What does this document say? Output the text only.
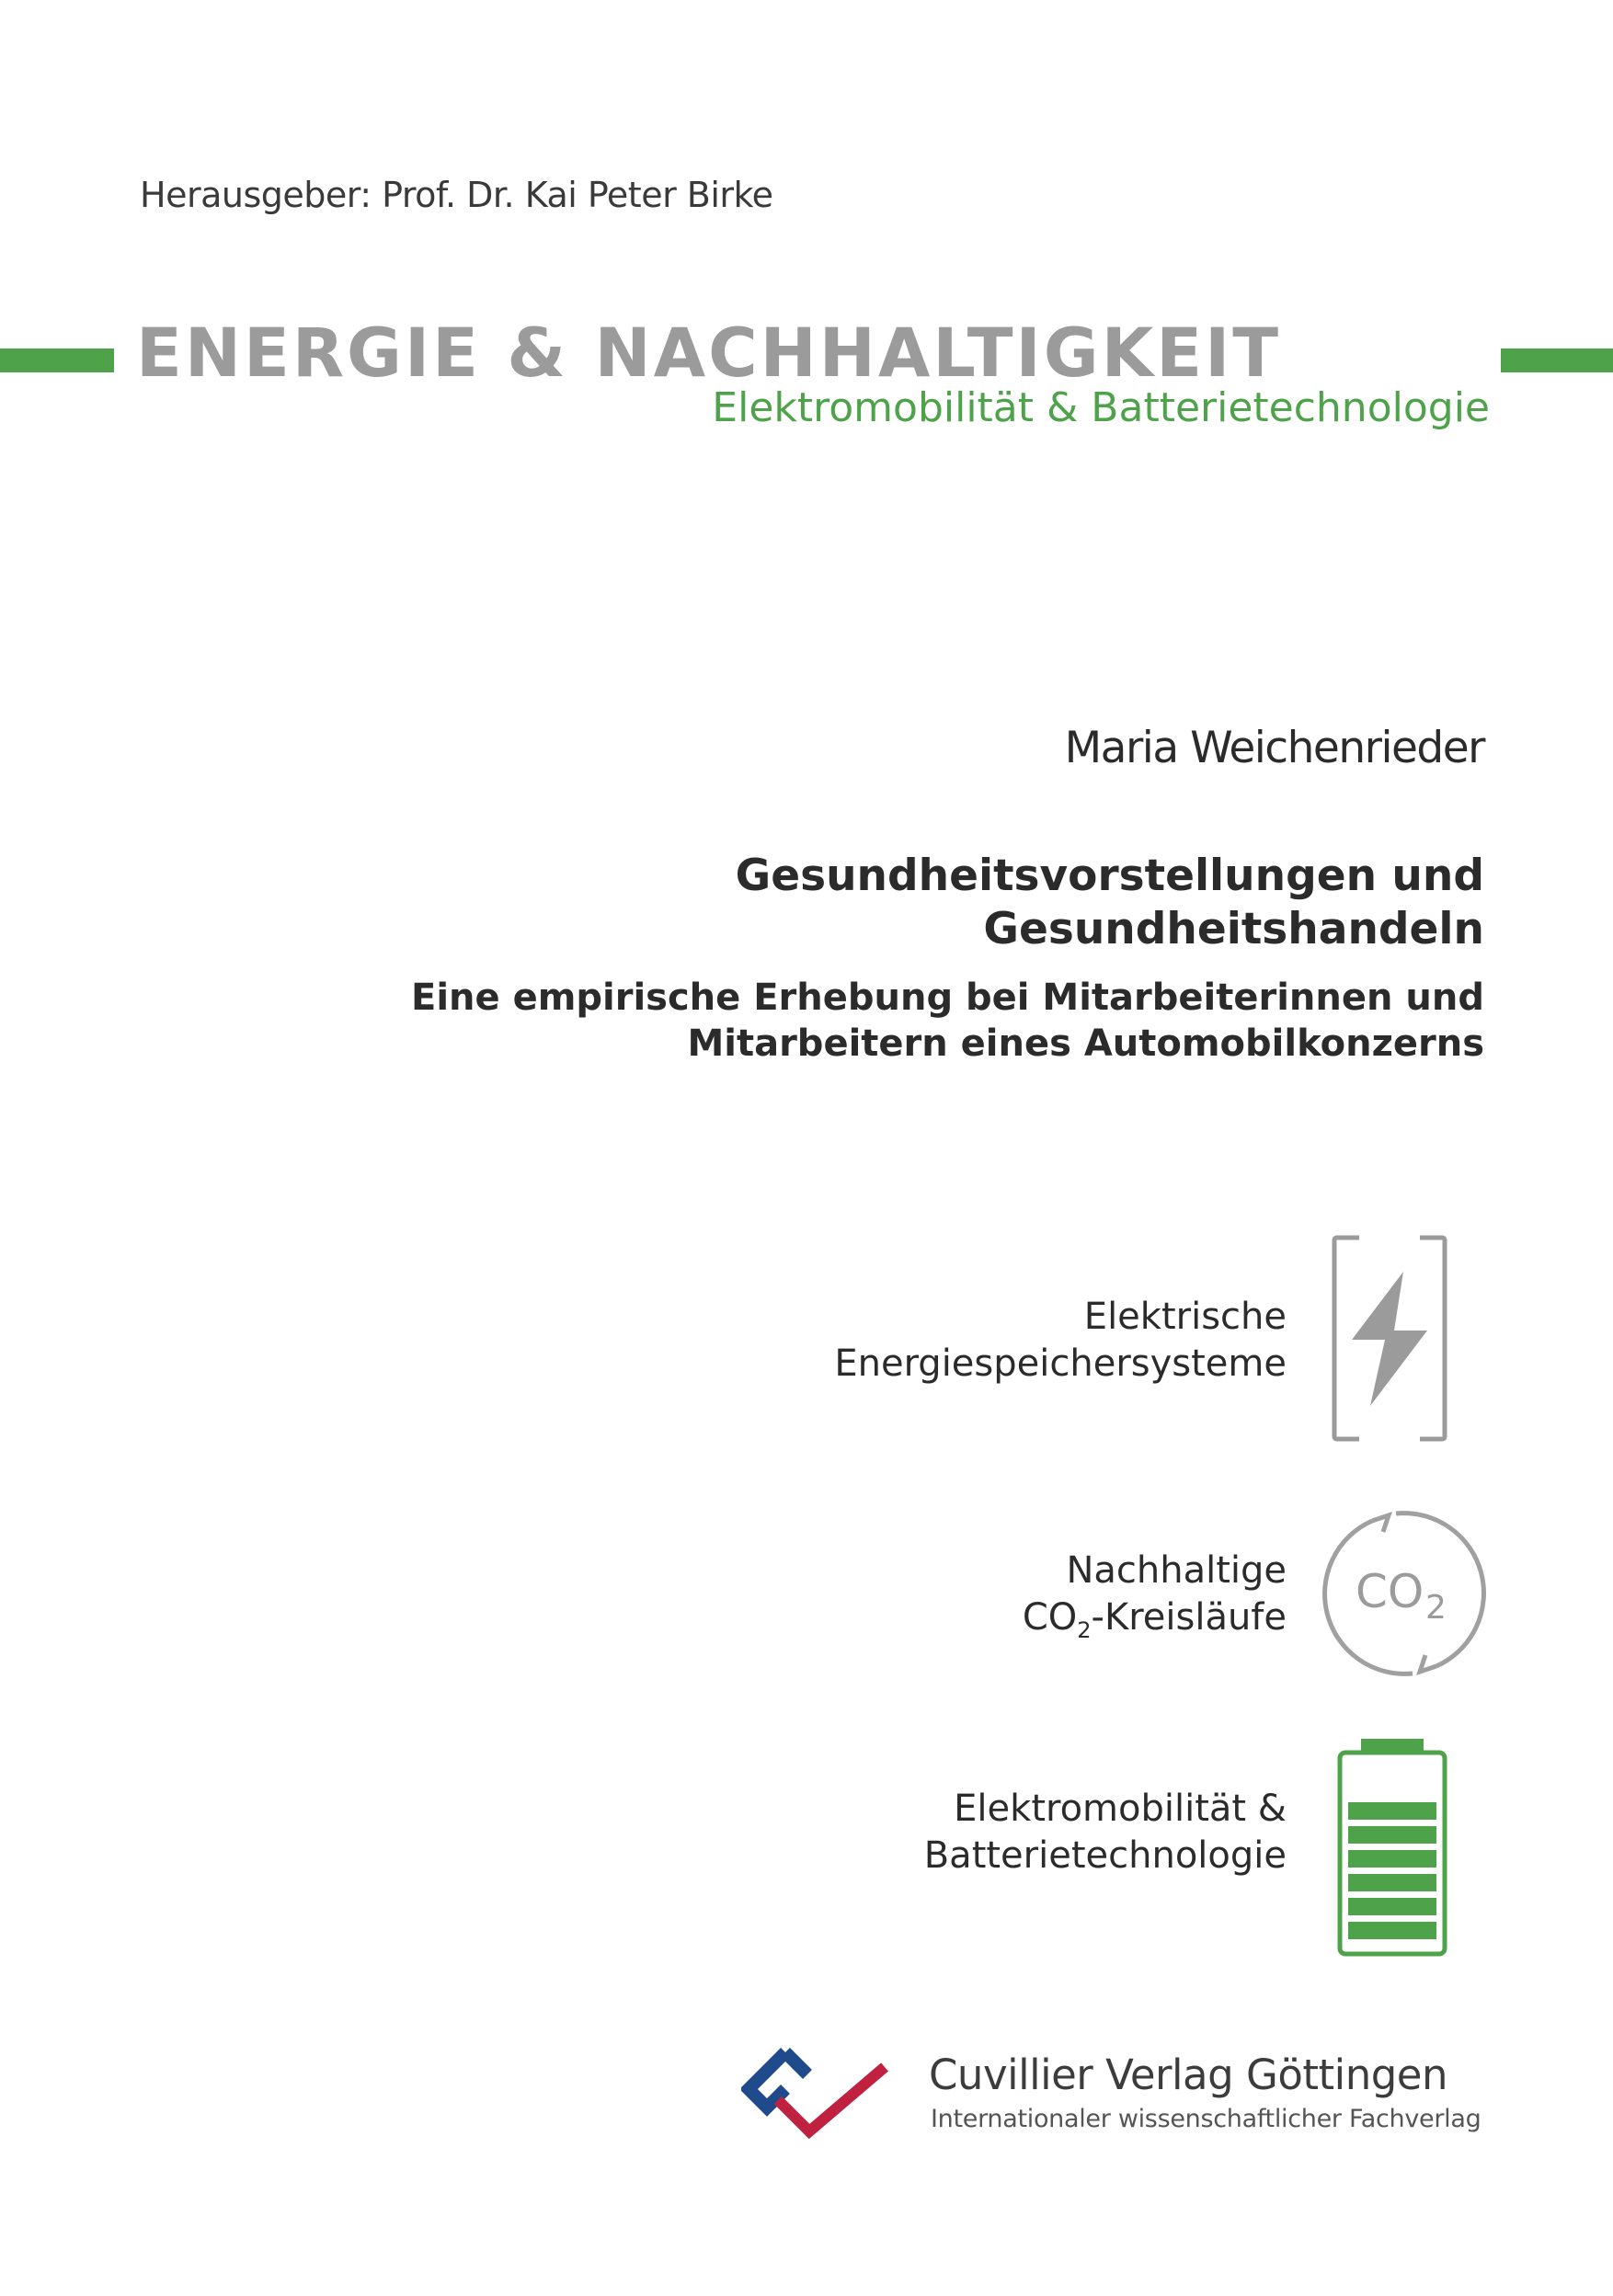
Herausgeber: Prof. Dr. Kai Peter Birke
ENERGIE & NACHHALTIGKEIT
Elektromobilität & Batterietechnologie
Maria Weichenrieder
Gesundheitsvorstellungen und
Gesundheitshandeln
Eine empirische Erhebung bei Mitarbeiterinnen und
Mitarbeitern eines Automobilkonzerns
Elektrische
Energiespeichersysteme
Nachhaltige
$CO_2$-Kreisläufe CO 2
Elektromobilität &
Batterietechnologie
Cuvillier Verlag Göttingen
Internationaler wissenschaftlicher Fachverlag
